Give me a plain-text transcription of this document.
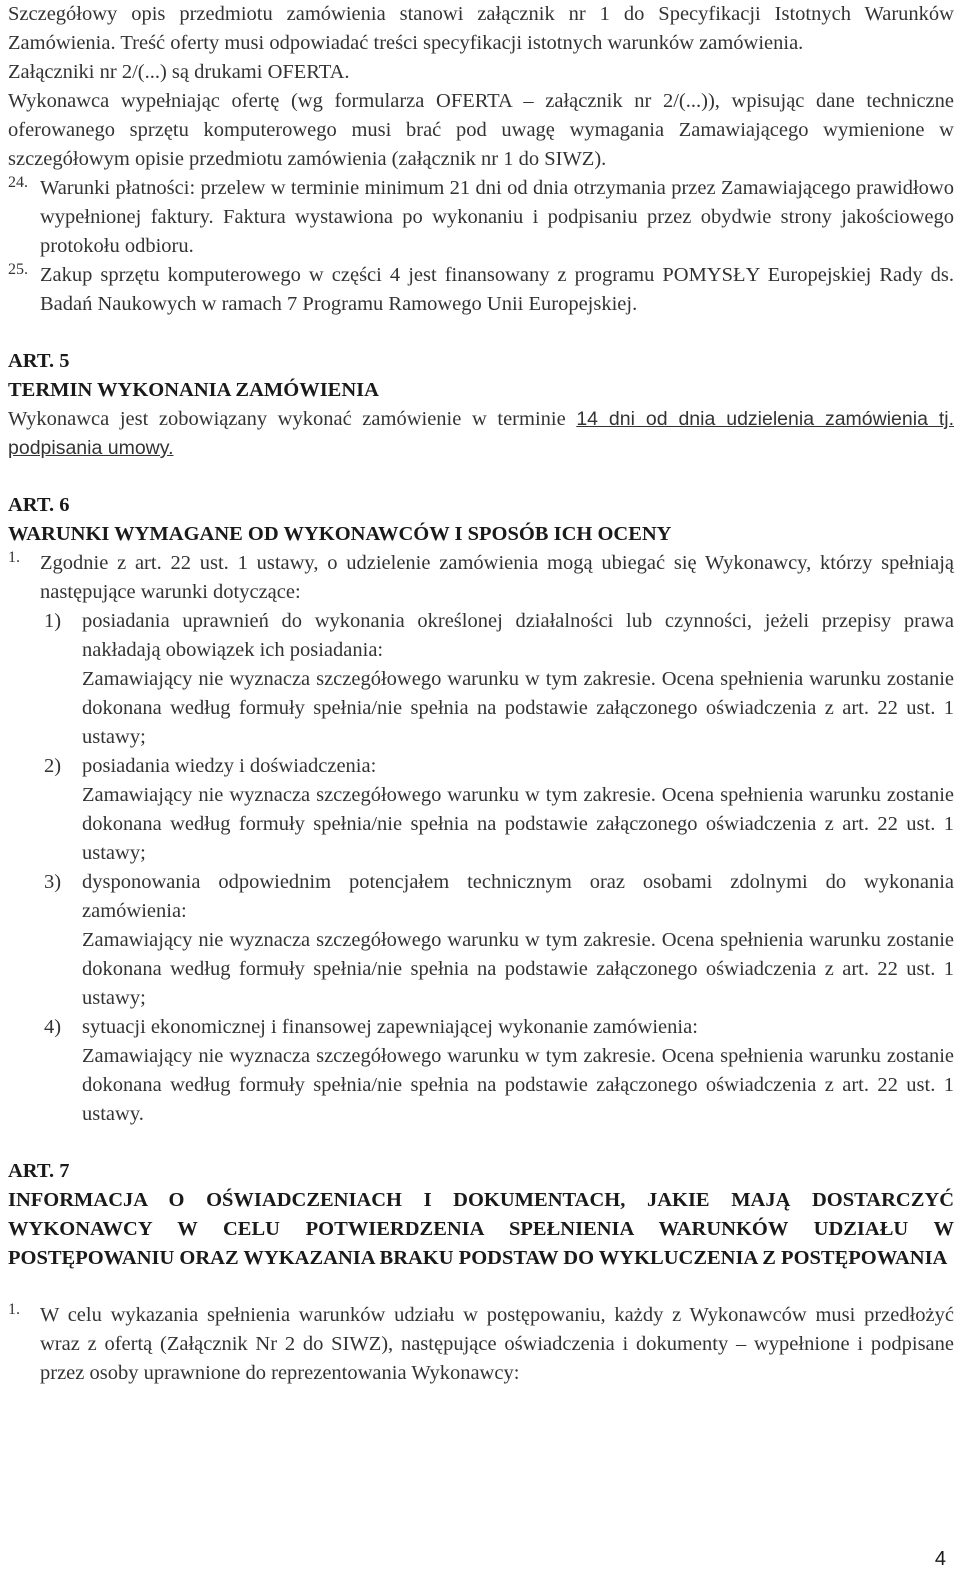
Szczegółowy opis przedmiotu zamówienia stanowi załącznik nr 1 do Specyfikacji Istotnych Warunków Zamówienia. Treść oferty musi odpowiadać treści specyfikacji istotnych warunków zamówienia.

Załączniki nr 2/(...) są drukami OFERTA.

Wykonawca wypełniając ofertę (wg formularza OFERTA – załącznik nr 2/(...)), wpisując dane techniczne oferowanego sprzętu komputerowego musi brać pod uwagę wymagania Zamawiającego wymienione w szczegółowym opisie przedmiotu zamówienia (załącznik nr 1 do SIWZ).

24. Warunki płatności: przelew w terminie minimum 21 dni od dnia otrzymania przez Zamawiającego prawidłowo wypełnionej faktury. Faktura wystawiona po wykonaniu i podpisaniu przez obydwie strony jakościowego protokołu odbioru.
25. Zakup sprzętu komputerowego w części 4 jest finansowany z programu POMYSŁY Europejskiej Rady ds. Badań Naukowych w ramach 7 Programu Ramowego Unii Europejskiej.

ART. 5

TERMIN WYKONANIA ZAMÓWIENIA

Wykonawca jest zobowiązany wykonać zamówienie w terminie 14 dni od dnia udzielenia zamówienia tj. podpisania umowy.

ART. 6

WARUNKI WYMAGANE OD WYKONAWCÓW I SPOSÓB ICH OCENY

1. Zgodnie z art. 22 ust. 1 ustawy, o udzielenie zamówienia mogą ubiegać się Wykonawcy, którzy spełniają następujące warunki dotyczące:
1)	posiadania uprawnień do wykonania określonej działalności lub czynności, jeżeli przepisy prawa nakładają obowiązek ich posiadania:

Zamawiający nie wyznacza szczegółowego warunku w tym zakresie. Ocena spełnienia warunku zostanie dokonana według formuły spełnia/nie spełnia na podstawie załączonego oświadczenia z art. 22 ust. 1 ustawy;

2)	posiadania wiedzy i doświadczenia:

Zamawiający nie wyznacza szczegółowego warunku w tym zakresie. Ocena spełnienia warunku zostanie dokonana według formuły spełnia/nie spełnia na podstawie załączonego oświadczenia z art. 22 ust. 1 ustawy;

3)	dysponowania odpowiednim potencjałem technicznym oraz osobami zdolnymi do wykonania zamówienia:

Zamawiający nie wyznacza szczegółowego warunku w tym zakresie. Ocena spełnienia warunku zostanie dokonana według formuły spełnia/nie spełnia na podstawie załączonego oświadczenia z art. 22 ust. 1 ustawy;

4)	sytuacji ekonomicznej i finansowej zapewniającej wykonanie zamówienia:

Zamawiający nie wyznacza szczegółowego warunku w tym zakresie. Ocena spełnienia warunku zostanie dokonana według formuły spełnia/nie spełnia na podstawie załączonego oświadczenia z art. 22 ust. 1 ustawy.

ART. 7

INFORMACJA O OŚWIADCZENIACH I DOKUMENTACH, JAKIE MAJĄ DOSTARCZYĆ WYKONAWCY W CELU POTWIERDZENIA SPEŁNIENIA WARUNKÓW UDZIAŁU W POSTĘPOWANIU ORAZ WYKAZANIA BRAKU PODSTAW DO WYKLUCZENIA Z POSTĘPOWANIA

1. W celu wykazania spełnienia warunków udziału w postępowaniu, każdy z Wykonawców musi przedłożyć wraz z ofertą (Załącznik Nr 2 do SIWZ), następujące oświadczenia i dokumenty – wypełnione i podpisane przez osoby uprawnione do reprezentowania Wykonawcy:
4
